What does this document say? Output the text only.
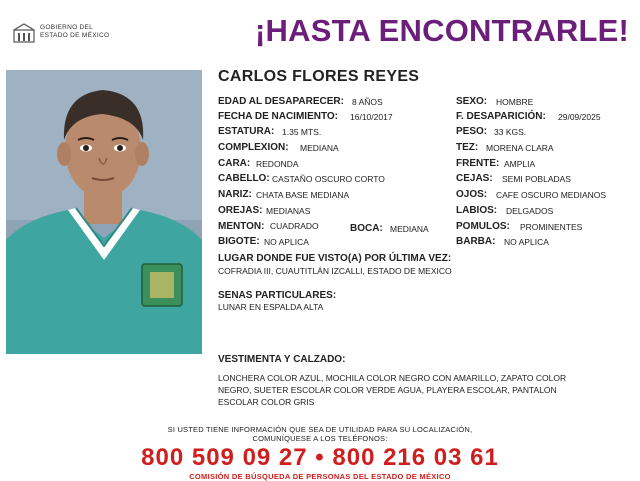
GOBIERNO DEL
ESTADO DE MÉXICO	¡HASTA ENCONTRARLE!
CARLOS FLORES REYES
EDAD AL DESAPARECER: 8 AÑOS
FECHA DE NACIMIENTO: 16/10/2017
ESTATURA: 1.35 MTS.
COMPLEXION: MEDIANA
CARA: REDONDA
CABELLO: CASTAÑO OSCURO CORTO
NARIZ: CHATA BASE MEDIANA
OREJAS: MEDIANAS
MENTON: CUADRADO	BOCA: MEDIANA
BIGOTE: NO APLICA
SEXO: HOMBRE
F. DESAPARICIÓN: 29/09/2025
PESO: 33 KGS.
TEZ: MORENA CLARA
FRENTE: AMPLIA
CEJAS: SEMI POBLADAS
OJOS: CAFE OSCURO MEDIANOS
LABIOS: DELGADOS
POMULOS: PROMINENTES
BARBA: NO APLICA
LUGAR DONDE FUE VISTO(A) POR ÚLTIMA VEZ:
COFRADIA III, CUAUTITLÁN IZCALLI, ESTADO DE MEXICO
SENAS PARTICULARES:
LUNAR EN ESPALDA ALTA
VESTIMENTA Y CALZADO:
LONCHERA COLOR AZUL, MOCHILA COLOR NEGRO CON AMARILLO, ZAPATO COLOR
NEGRO, SUETER ESCOLAR COLOR VERDE AGUA, PLAYERA ESCOLAR, PANTALON
ESCOLAR COLOR GRIS
SI USTED TIENE INFORMACIÓN QUE SEA DE UTILIDAD PARA SU LOCALIZACIÓN,
COMUNÍQUESE A LOS TELÉFONOS:
800 509 09 27 • 800 216 03 61
COMISIÓN DE BÚSQUEDA DE PERSONAS DEL ESTADO DE MÉXICO
